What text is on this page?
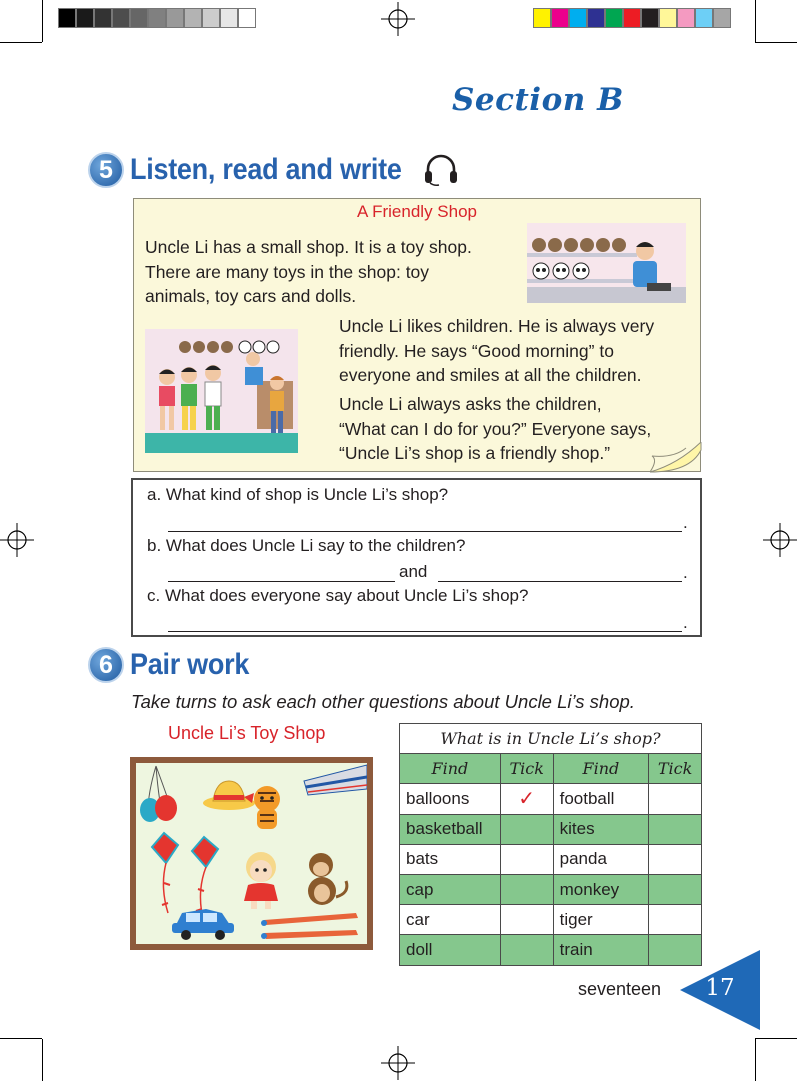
Section B
5 Listen, read and write
A Friendly Shop
Uncle Li has a small shop. It is a toy shop.
There are many toys in the shop: toy
animals, toy cars and dolls.
Uncle Li likes children. He is always very
friendly. He says “Good morning” to
everyone and smiles at all the children.
Uncle Li always asks the children,
“What can I do for you?” Everyone says,
“Uncle Li’s shop is a friendly shop.”
a. What kind of shop is Uncle Li’s shop?
.
b. What does Uncle Li say to the children?
and	.
c. What does everyone say about Uncle Li’s shop?
.
6 Pair work
Take turns to ask each other questions about Uncle Li’s shop.
Uncle Li’s Toy Shop	What is in Uncle Li’s shop?			
Find	Tick	Find	Tick
balloons	✓	football	
basketball		kites	
bats		panda	
cap		monkey	
car		tiger	
doll		train	
seventeen 17
